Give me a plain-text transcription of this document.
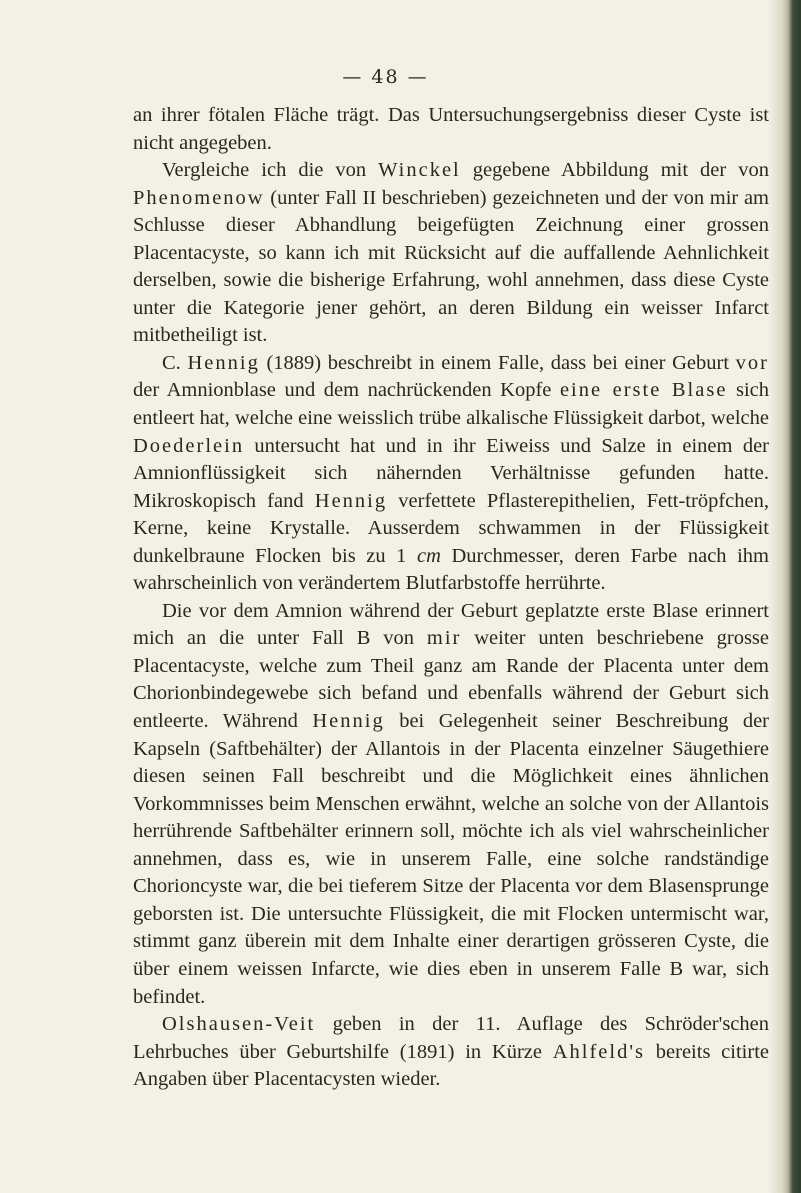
— 48 —

an ihrer fötalen Fläche trägt. Das Untersuchungsergebniss dieser Cyste ist nicht angegeben.

Vergleiche ich die von Winckel gegebene Abbildung mit der von Phenomenow (unter Fall II beschrieben) gezeichneten und der von mir am Schlusse dieser Abhandlung beigefügten Zeichnung einer grossen Placentacyste, so kann ich mit Rücksicht auf die auffallende Aehnlichkeit derselben, sowie die bisherige Erfahrung, wohl annehmen, dass diese Cyste unter die Kategorie jener gehört, an deren Bildung ein weisser Infarct mitbetheiligt ist.

C. Hennig (1889) beschreibt in einem Falle, dass bei einer Geburt vor der Amnionblase und dem nachrückenden Kopfe eine erste Blase sich entleert hat, welche eine weisslich trübe alkalische Flüssigkeit darbot, welche Doederlein untersucht hat und in ihr Eiweiss und Salze in einem der Amnionflüssigkeit sich nähernden Verhältnisse gefunden hatte. Mikroskopisch fand Hennig verfettete Pflasterepithelien, Fett-tröpfchen, Kerne, keine Krystalle. Ausserdem schwammen in der Flüssigkeit dunkelbraune Flocken bis zu 1 cm Durchmesser, deren Farbe nach ihm wahrscheinlich von verändertem Blutfarbstoffe herrührte.

Die vor dem Amnion während der Geburt geplatzte erste Blase erinnert mich an die unter Fall B von mir weiter unten beschriebene grosse Placentacyste, welche zum Theil ganz am Rande der Placenta unter dem Chorionbindegewebe sich befand und ebenfalls während der Geburt sich entleerte. Während Hennig bei Gelegenheit seiner Beschreibung der Kapseln (Saftbehälter) der Allantois in der Placenta einzelner Säugethiere diesen seinen Fall beschreibt und die Möglichkeit eines ähnlichen Vorkommnisses beim Menschen erwähnt, welche an solche von der Allantois herrührende Saftbehälter erinnern soll, möchte ich als viel wahrscheinlicher annehmen, dass es, wie in unserem Falle, eine solche randständige Chorioncyste war, die bei tieferem Sitze der Placenta vor dem Blasensprunge geborsten ist. Die untersuchte Flüssigkeit, die mit Flocken untermischt war, stimmt ganz überein mit dem Inhalte einer derartigen grösseren Cyste, die über einem weissen Infarcte, wie dies eben in unserem Falle B war, sich befindet.

Olshausen-Veit geben in der 11. Auflage des Schröder'schen Lehrbuches über Geburtshilfe (1891) in Kürze Ahlfeld's bereits citirte Angaben über Placentacysten wieder.
